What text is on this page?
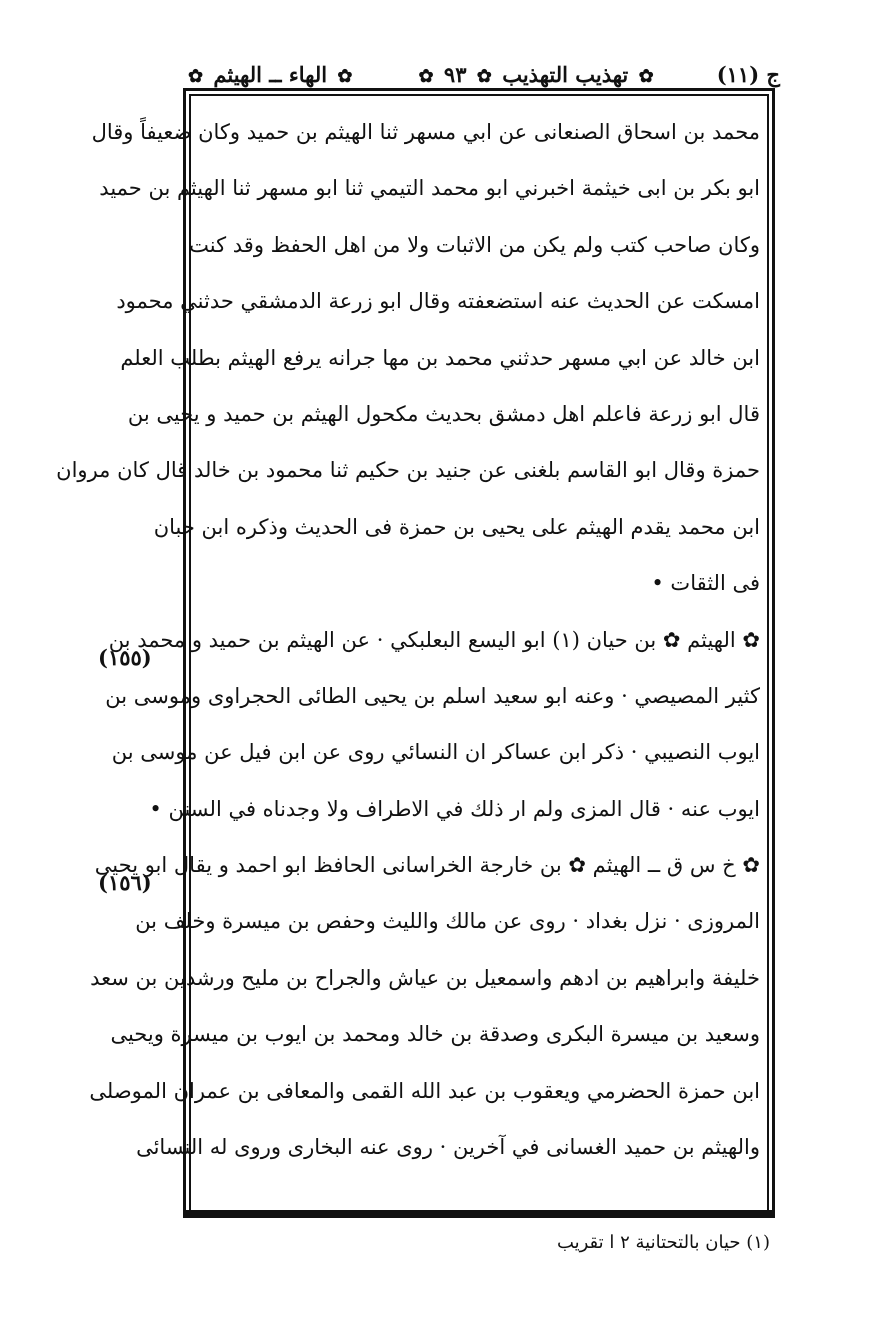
ج (١١)
✿ تهذيب التهذيب ✿ ٩٣ ✿
✿ الهاء ــ الهيثم ✿
محمد بن اسحاق الصنعانى عن ابي مسهر ثنا الهيثم بن حميد وكان ضعيفاً وقال
ابو بكر بن ابى خيثمة اخبرني ابو محمد التيمي ثنا ابو مسهر ثنا الهيثم بن حميد
وكان صاحب كتب ولم يكن من الاثبات ولا من اهل الحفظ وقد كنت
امسكت عن الحديث عنه استضعفته وقال ابو زرعة الدمشقي حدثني محمود
ابن خالد عن ابي مسهر حدثني محمد بن مها جرانه يرفع الهيثم بطلب العلم
قال ابو زرعة فاعلم اهل دمشق بحديث مكحول الهيثم بن حميد و يحيى بن
حمزة وقال ابو القاسم بلغنى عن جنيد بن حكيم ثنا محمود بن خالد قال كان مروان
ابن محمد يقدم الهيثم على يحيى بن حمزة فى الحديث وذكره ابن حبان
فى الثقات •
✿ الهيثم ✿ بن حيان (١) ابو اليسع البعلبكي · عن الهيثم بن حميد و محمد بن
كثير المصيصي · وعنه ابو سعيد اسلم بن يحيى الطائى الحجراوى وموسى بن
ايوب النصيبي · ذكر ابن عساكر ان النسائي روى عن ابن فيل عن موسى بن
ايوب عنه · قال المزى ولم ار ذلك في الاطراف ولا وجدناه في السنن •
✿ خ س ق ــ الهيثم ✿ بن خارجة الخراسانى الحافظ ابو احمد و يقال ابو يحيى
المروزى · نزل بغداد · روى عن مالك والليث وحفص بن ميسرة وخلف بن
خليفة وابراهيم بن ادهم واسمعيل بن عياش والجراح بن مليح ورشدين بن سعد
وسعيد بن ميسرة البكرى وصدقة بن خالد ومحمد بن ايوب بن ميسرة ويحيى
ابن حمزة الحضرمي ويعقوب بن عبد الله القمى والمعافى بن عمران الموصلى
والهيثم بن حميد الغسانى في آخرين · روى عنه البخارى وروى له النسائى
(١٥٥)
(١٥٦)
(١) حيان بالتحتانية ٢ ا تقريب
